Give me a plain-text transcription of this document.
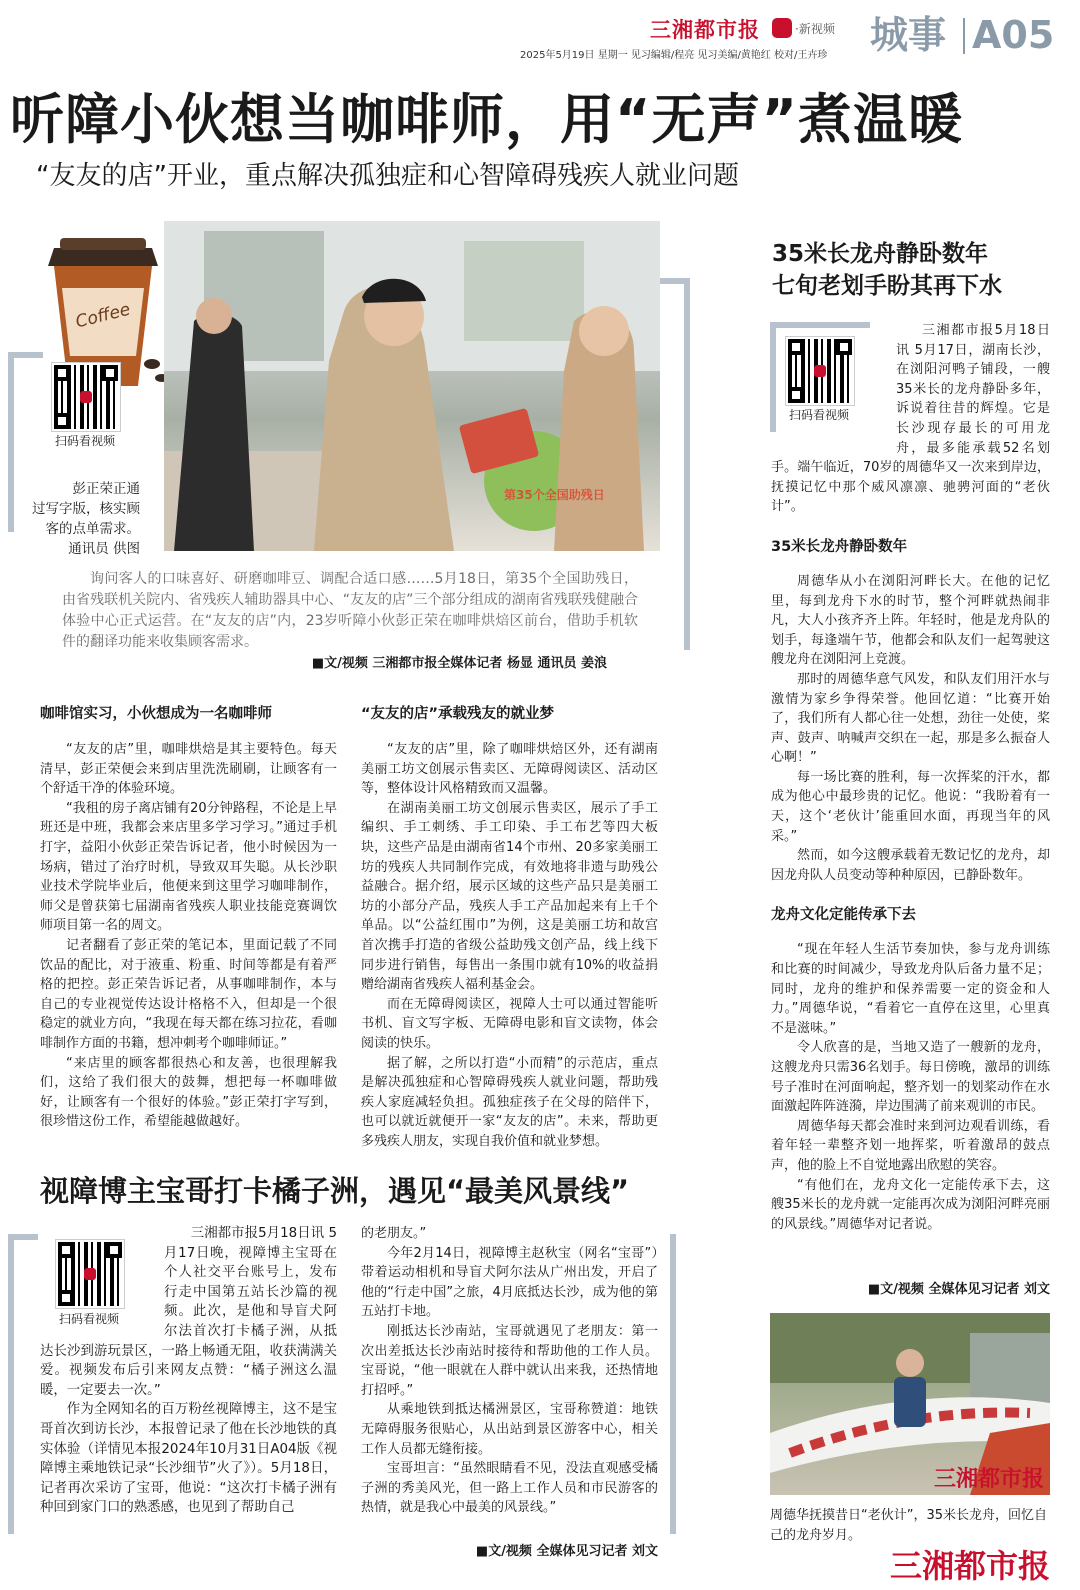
三湘都市报	·新视频
2025年5月19日 星期一 见习编辑/程亮 见习美编/黄艳红 校对/王卉珍	城事 A05
听障小伙想当咖啡师，用“无声”煮温暖
“友友的店”开业，重点解决孤独症和心智障碍残疾人就业问题
Coffee
扫码看视频
第35个全国助残日
彭正荣正通
过写字版，核实顾
客的点单需求。
通讯员 供图

询问客人的口味喜好、研磨咖啡豆、调配合适口感……5月18日，第35个全国助残日，由省残联机关院内、省残疾人辅助器具中心、“友友的店”三个部分组成的湖南省残联残健融合体验中心正式运营。在“友友的店”内，23岁听障小伙彭正荣在咖啡烘焙区前台，借助手机软件的翻译功能来收集顾客需求。

■文/视频 三湘都市报全媒体记者 杨显 通讯员 姜浪
咖啡馆实习，小伙想成为一名咖啡师

“友友的店”里，咖啡烘焙是其主要特色。每天清早，彭正荣便会来到店里洗洗刷刷，让顾客有一个舒适干净的体验环境。

“我租的房子离店铺有20分钟路程，不论是上早班还是中班，我都会来店里多学习学习。”通过手机打字，益阳小伙彭正荣告诉记者，他小时候因为一场病，错过了治疗时机，导致双耳失聪。从长沙职业技术学院毕业后，他便来到这里学习咖啡制作，师父是曾获第七届湖南省残疾人职业技能竞赛调饮师项目第一名的周文。

记者翻看了彭正荣的笔记本，里面记载了不同饮品的配比，对于液重、粉重、时间等都是有着严格的把控。彭正荣告诉记者，从事咖啡制作，本与自己的专业视觉传达设计格格不入，但却是一个很稳定的就业方向，“我现在每天都在练习拉花，看咖啡制作方面的书籍，想冲刺考个咖啡师证。”

“来店里的顾客都很热心和友善，也很理解我们，这给了我们很大的鼓舞，想把每一杯咖啡做好，让顾客有一个很好的体验。”彭正荣打字写到，很珍惜这份工作，希望能越做越好。

“友友的店”承载残友的就业梦

“友友的店”里，除了咖啡烘焙区外，还有湖南美丽工坊文创展示售卖区、无障碍阅读区、活动区等，整体设计风格精致而又温馨。

在湖南美丽工坊文创展示售卖区，展示了手工编织、手工刺绣、手工印染、手工布艺等四大板块，这些产品是由湖南省14个市州、20多家美丽工坊的残疾人共同制作完成，有效地将非遗与助残公益融合。据介绍，展示区域的这些产品只是美丽工坊的小部分产品，残疾人手工产品加起来有上千个单品。以“公益红围巾”为例，这是美丽工坊和故宫首次携手打造的省级公益助残文创产品，线上线下同步进行销售，每售出一条围巾就有10%的收益捐赠给湖南省残疾人福利基金会。

而在无障碍阅读区，视障人士可以通过智能听书机、盲文写字板、无障碍电影和盲文读物，体会阅读的快乐。

据了解，之所以打造“小而精”的示范店，重点是解决孤独症和心智障碍残疾人就业问题，帮助残疾人家庭减轻负担。孤独症孩子在父母的陪伴下，也可以就近就便开一家“友友的店”。未来，帮助更多残疾人朋友，实现自我价值和就业梦想。

视障博主宝哥打卡橘子洲，遇见“最美风景线”
扫码看视频

三湘都市报5月18日讯 5月17日晚，视障博主宝哥在个人社交平台账号上，发布行走中国第五站长沙篇的视频。此次，是他和导盲犬阿尔法首次打卡橘子洲，从抵达长沙到游玩景区，一路上畅通无阻，收获满满关爱。视频发布后引来网友点赞：“橘子洲这么温暖，一定要去一次。”

作为全网知名的百万粉丝视障博主，这不是宝哥首次到访长沙，本报曾记录了他在长沙地铁的真实体验（详情见本报2024年10月31日A04版《视障博主乘地铁记录“长沙细节”火了》）。5月18日，记者再次采访了宝哥，他说：“这次打卡橘子洲有种回到家门口的熟悉感，也见到了帮助自己

的老朋友。”

今年2月14日，视障博主赵秋宝（网名“宝哥”）带着运动相机和导盲犬阿尔法从广州出发，开启了他的“行走中国”之旅，4月底抵达长沙，成为他的第五站打卡地。

刚抵达长沙南站，宝哥就遇见了老朋友：第一次出差抵达长沙南站时接待和帮助他的工作人员。宝哥说，“他一眼就在人群中就认出来我，还热情地打招呼。”

从乘地铁到抵达橘洲景区，宝哥称赞道：地铁无障碍服务很贴心，从出站到景区游客中心，相关工作人员都无缝衔接。

宝哥坦言：“虽然眼睛看不见，没法直观感受橘子洲的秀美风光，但一路上工作人员和市民游客的热情，就是我心中最美的风景线。”

■文/视频 全媒体见习记者 刘文
35米长龙舟静卧数年
七旬老划手盼其再下水
扫码看视频

三湘都市报5月18日讯 5月17日，湖南长沙，在浏阳河鸭子铺段，一艘35米长的龙舟静卧多年，诉说着往昔的辉煌。它是长沙现存最长的可用龙舟，最多能承载52名划手。端午临近，70岁的周德华又一次来到岸边，抚摸记忆中那个威风凛凛、驰骋河面的“老伙计”。

35米长龙舟静卧数年

周德华从小在浏阳河畔长大。在他的记忆里，每到龙舟下水的时节，整个河畔就热闹非凡，大人小孩齐齐上阵。年轻时，他是龙舟队的划手，每逢端午节，他都会和队友们一起驾驶这艘龙舟在浏阳河上竞渡。

那时的周德华意气风发，和队友们用汗水与激情为家乡争得荣誉。他回忆道：“比赛开始了，我们所有人都心往一处想，劲往一处使，桨声、鼓声、呐喊声交织在一起，那是多么振奋人心啊！”

每一场比赛的胜利，每一次挥桨的汗水，都成为他心中最珍贵的记忆。他说：“我盼着有一天，这个‘老伙计’能重回水面，再现当年的风采。”

然而，如今这艘承载着无数记忆的龙舟，却因龙舟队人员变动等种种原因，已静卧数年。

龙舟文化定能传承下去

“现在年轻人生活节奏加快，参与龙舟训练和比赛的时间减少，导致龙舟队后备力量不足；同时，龙舟的维护和保养需要一定的资金和人力。”周德华说，“看着它一直停在这里，心里真不是滋味。”

令人欣喜的是，当地又造了一艘新的龙舟，这艘龙舟只需36名划手。每日傍晚，激昂的训练号子准时在河面响起，整齐划一的划桨动作在水面激起阵阵涟漪，岸边围满了前来观训的市民。

周德华每天都会准时来到河边观看训练，看着年轻一辈整齐划一地挥桨，听着激昂的鼓点声，他的脸上不自觉地露出欣慰的笑容。

“有他们在，龙舟文化一定能传承下去，这艘35米长的龙舟就一定能再次成为浏阳河畔亮丽的风景线。”周德华对记者说。

■文/视频 全媒体见习记者 刘文
三湘都市报
周德华抚摸昔日“老伙计”，35米长龙舟，回忆自己的龙舟岁月。
三湘都市报
